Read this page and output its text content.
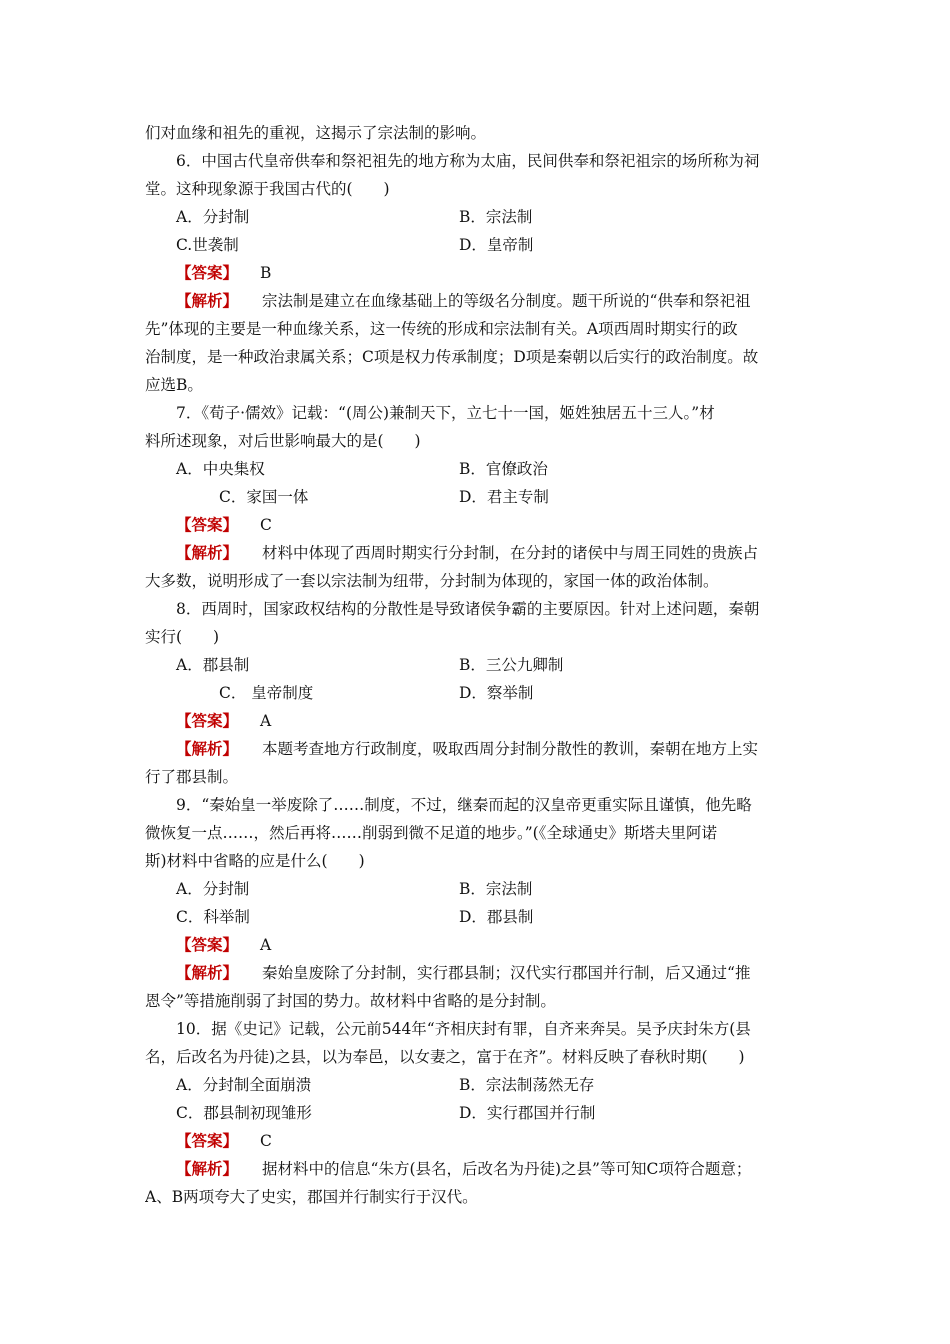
们对血缘和祖先的重视，这揭示了宗法制的影响。
6．中国古代皇帝供奉和祭祀祖先的地方称为太庙，民间供奉和祭祀祖宗的场所称为祠
堂。这种现象源于我国古代的(　　)
A．分封制	B．宗法制
C.世袭制	D．皇帝制
【答案】 B
【解析】 宗法制是建立在血缘基础上的等级名分制度。题干所说的“供奉和祭祀祖
先”体现的主要是一种血缘关系，这一传统的形成和宗法制有关。A项西周时期实行的政
治制度，是一种政治隶属关系；C项是权力传承制度；D项是秦朝以后实行的政治制度。故
应选B。
7．《荀子·儒效》记载：“(周公)兼制天下，立七十一国，姬姓独居五十三人。”材
料所述现象，对后世影响最大的是(　　)
A．中央集权	B．官僚政治
C．家国一体	D．君主专制
【答案】 C
【解析】 材料中体现了西周时期实行分封制，在分封的诸侯中与周王同姓的贵族占
大多数，说明形成了一套以宗法制为纽带，分封制为体现的，家国一体的政治体制。
8．西周时，国家政权结构的分散性是导致诸侯争霸的主要原因。针对上述问题，秦朝
实行(　　)
A．郡县制	B．三公九卿制
C． 皇帝制度	D．察举制
【答案】 A
【解析】 本题考查地方行政制度，吸取西周分封制分散性的教训，秦朝在地方上实
行了郡县制。
9．“秦始皇一举废除了……制度，不过，继秦而起的汉皇帝更重实际且谨慎，他先略
微恢复一点……，然后再将……削弱到微不足道的地步。”(《全球通史》斯塔夫里阿诺
斯)材料中省略的应是什么(　　)
A．分封制	B．宗法制
C．科举制	D．郡县制
【答案】 A
【解析】 秦始皇废除了分封制，实行郡县制；汉代实行郡国并行制，后又通过“推
恩令”等措施削弱了封国的势力。故材料中省略的是分封制。
10．据《史记》记载，公元前544年“齐相庆封有罪，自齐来奔吴。吴予庆封朱方(县
名，后改名为丹徒)之县，以为奉邑，以女妻之，富于在齐”。材料反映了春秋时期(　　)
A．分封制全面崩溃	B．宗法制荡然无存
C．郡县制初现雏形	D．实行郡国并行制
【答案】 C
【解析】 据材料中的信息“朱方(县名，后改名为丹徒)之县”等可知C项符合题意；
A、B两项夸大了史实，郡国并行制实行于汉代。
